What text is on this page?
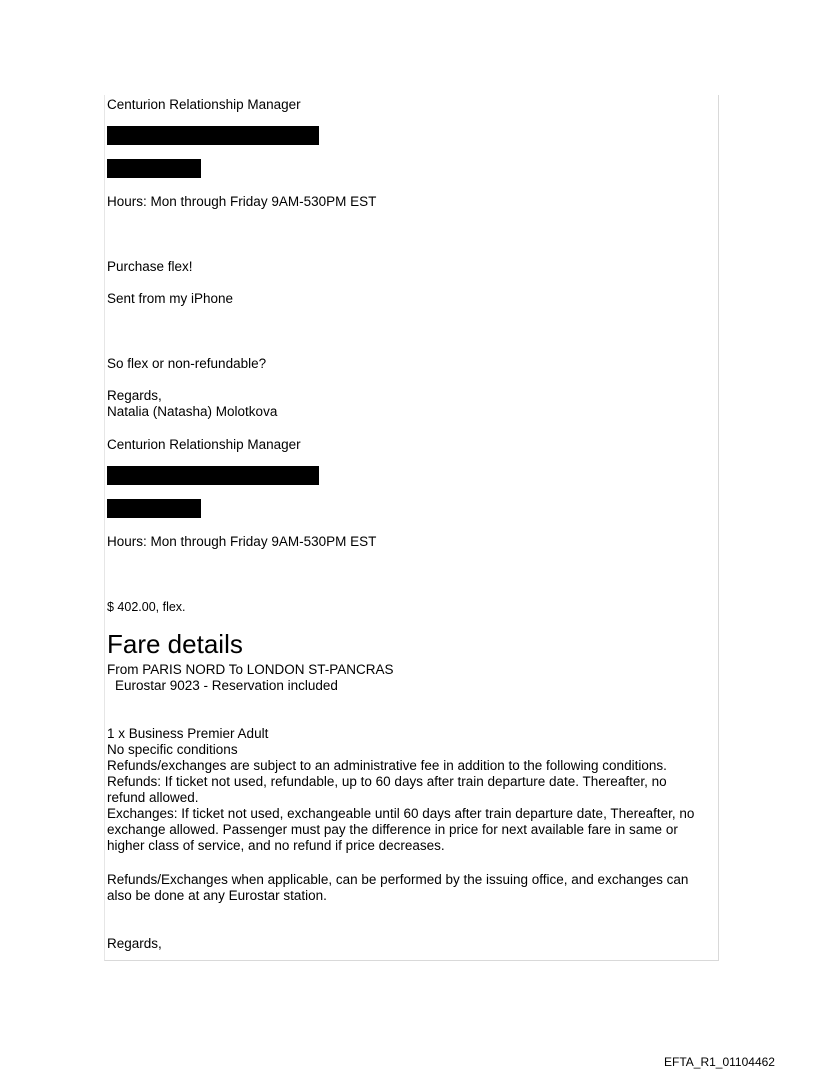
Centurion Relationship Manager
Hours: Mon through Friday 9AM-530PM EST
Purchase flex!
Sent from my iPhone
So flex or non-refundable?
Regards,
Natalia (Natasha) Molotkova
Centurion Relationship Manager
Hours: Mon through Friday 9AM-530PM EST
$ 402.00, flex.
Fare details
From PARIS NORD To LONDON ST-PANCRAS
Eurostar 9023 - Reservation included
1 x Business Premier Adult
No specific conditions
Refunds/exchanges are subject to an administrative fee in addition to the following conditions.
Refunds: If ticket not used, refundable, up to 60 days after train departure date. Thereafter, no
refund allowed.
Exchanges: If ticket not used, exchangeable until 60 days after train departure date, Thereafter, no
exchange allowed. Passenger must pay the difference in price for next available fare in same or
higher class of service, and no refund if price decreases.
Refunds/Exchanges when applicable, can be performed by the issuing office, and exchanges can
also be done at any Eurostar station.
Regards,
EFTA_R1_01104462
